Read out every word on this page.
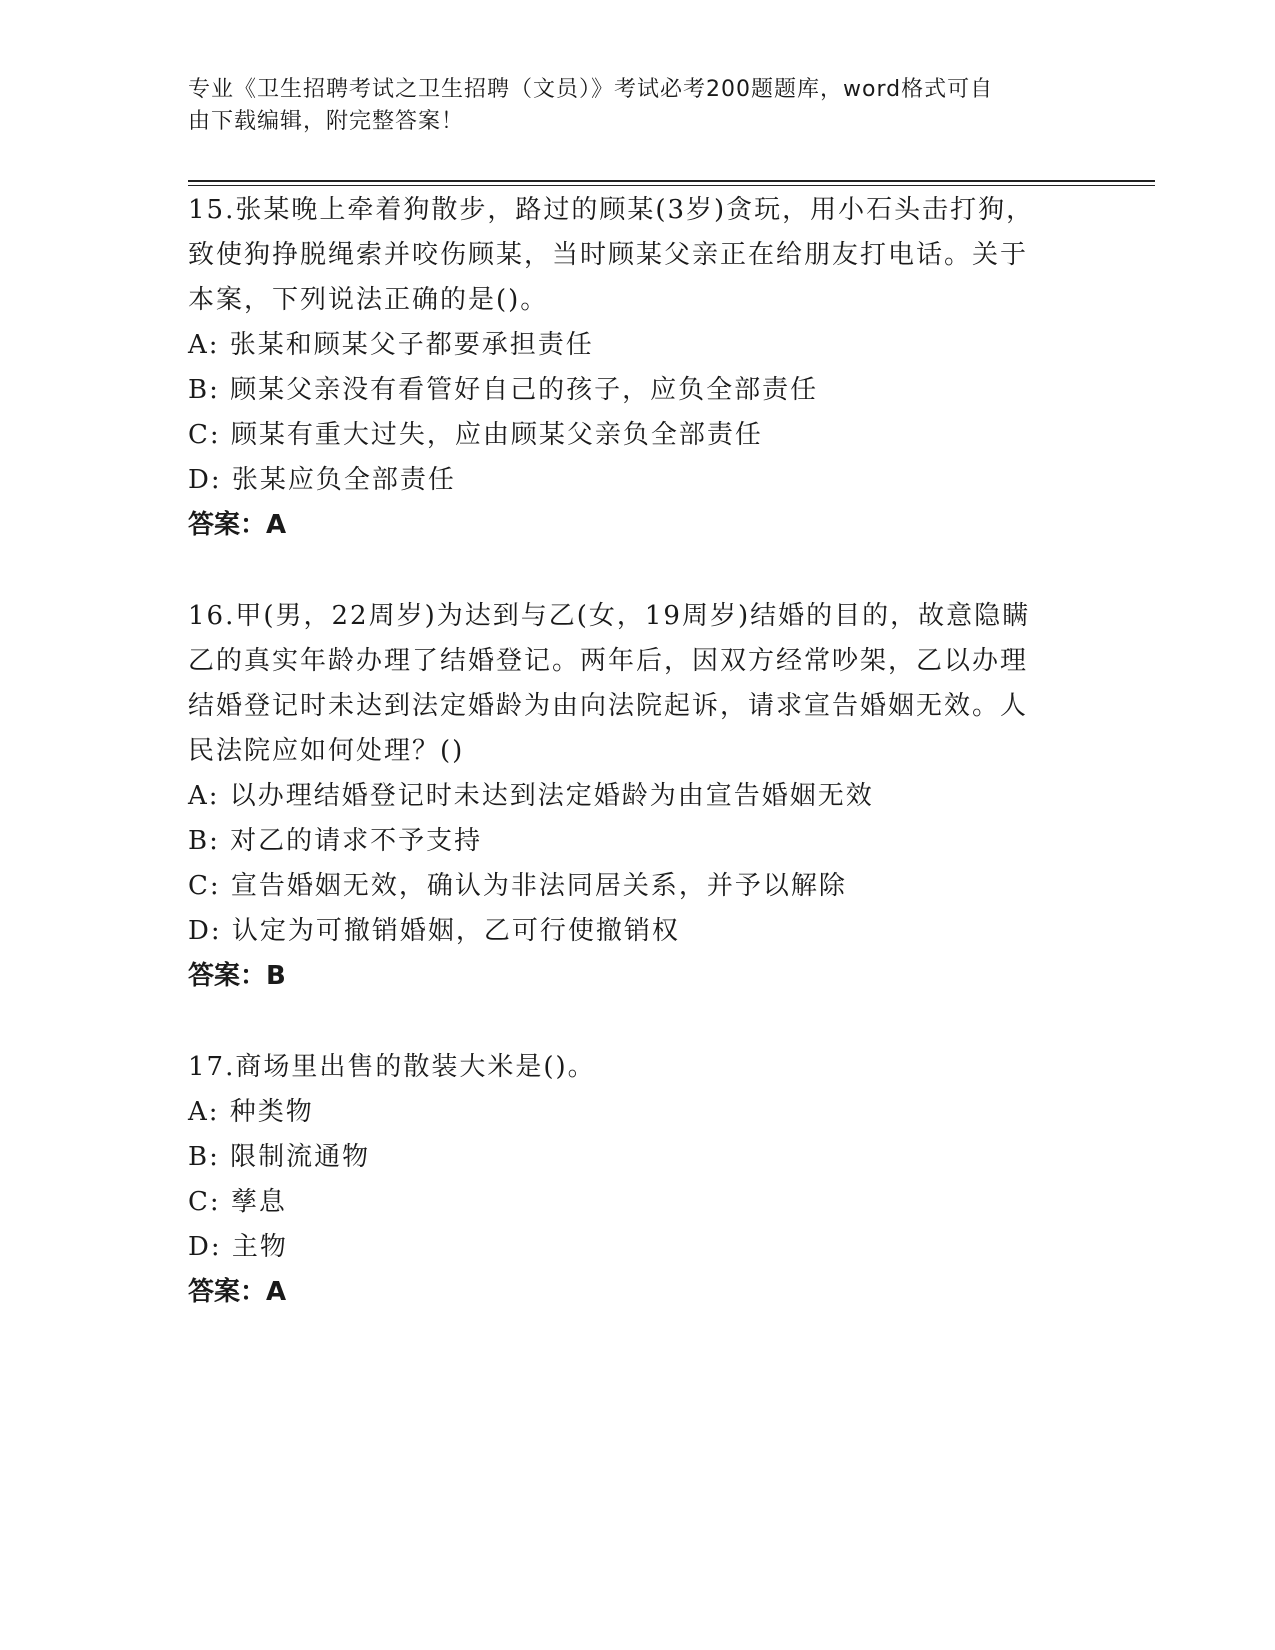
专业《卫生招聘考试之卫生招聘（文员）》考试必考200题题库，word格式可自
由下载编辑，附完整答案！

15.张某晚上牵着狗散步，路过的顾某(3岁)贪玩，用小石头击打狗，

致使狗挣脱绳索并咬伤顾某，当时顾某父亲正在给朋友打电话。关于

本案，下列说法正确的是()。

A: 张某和顾某父子都要承担责任

B: 顾某父亲没有看管好自己的孩子，应负全部责任

C: 顾某有重大过失，应由顾某父亲负全部责任

D: 张某应负全部责任

答案：A

16.甲(男，22周岁)为达到与乙(女，19周岁)结婚的目的，故意隐瞒

乙的真实年龄办理了结婚登记。两年后，因双方经常吵架，乙以办理

结婚登记时未达到法定婚龄为由向法院起诉，请求宣告婚姻无效。人

民法院应如何处理？()

A: 以办理结婚登记时未达到法定婚龄为由宣告婚姻无效

B: 对乙的请求不予支持

C: 宣告婚姻无效，确认为非法同居关系，并予以解除

D: 认定为可撤销婚姻，乙可行使撤销权

答案：B

17.商场里出售的散装大米是()。

A: 种类物

B: 限制流通物

C: 孳息

D: 主物

答案：A
